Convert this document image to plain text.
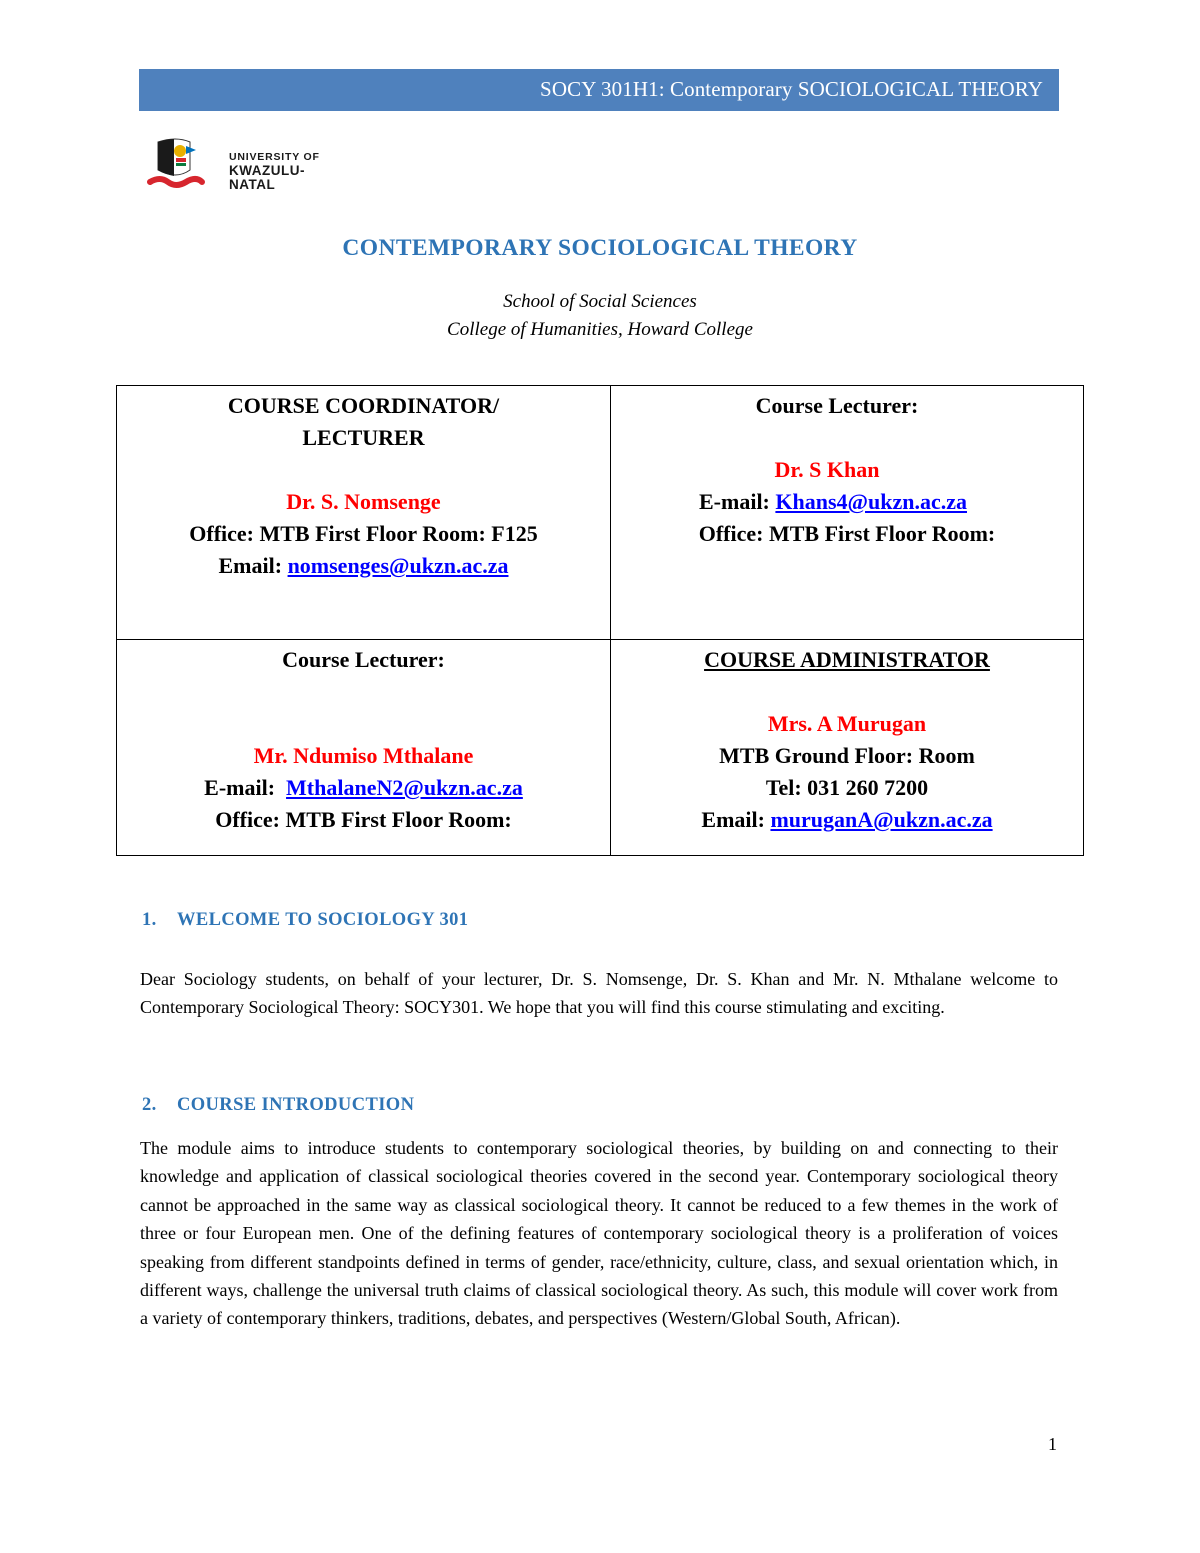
SOCY 301H1: Contemporary SOCIOLOGICAL THEORY
UNIVERSITY OF
KWAZULU-NATAL
CONTEMPORARY SOCIOLOGICAL THEORY
School of Social Sciences
College of Humanities, Howard College
COURSE COORDINATOR/
LECTURER
Dr. S. Nomsenge
Office: MTB First Floor Room: F125
Email: nomsenges@ukzn.ac.za
Course Lecturer:
Dr. S Khan
E-mail: Khans4@ukzn.ac.za
Office: MTB First Floor Room:
Course Lecturer:
Mr. Ndumiso Mthalane
E-mail: MthalaneN2@ukzn.ac.za
Office: MTB First Floor Room:
COURSE ADMINISTRATOR
Mrs. A Murugan
MTB Ground Floor: Room
Tel: 031 260 7200
Email: muruganA@ukzn.ac.za
1. WELCOME TO SOCIOLOGY 301
Dear Sociology students, on behalf of your lecturer, Dr. S. Nomsenge, Dr. S. Khan and Mr. N. Mthalane welcome to Contemporary Sociological Theory: SOCY301. We hope that you will find this course stimulating and exciting.
2. COURSE INTRODUCTION
The module aims to introduce students to contemporary sociological theories, by building on and connecting to their knowledge and application of classical sociological theories covered in the second year. Contemporary sociological theory cannot be approached in the same way as classical sociological theory. It cannot be reduced to a few themes in the work of three or four European men. One of the defining features of contemporary sociological theory is a proliferation of voices speaking from different standpoints defined in terms of gender, race/ethnicity, culture, class, and sexual orientation which, in different ways, challenge the universal truth claims of classical sociological theory. As such, this module will cover work from a variety of contemporary thinkers, traditions, debates, and perspectives (Western/Global South, African).
1
